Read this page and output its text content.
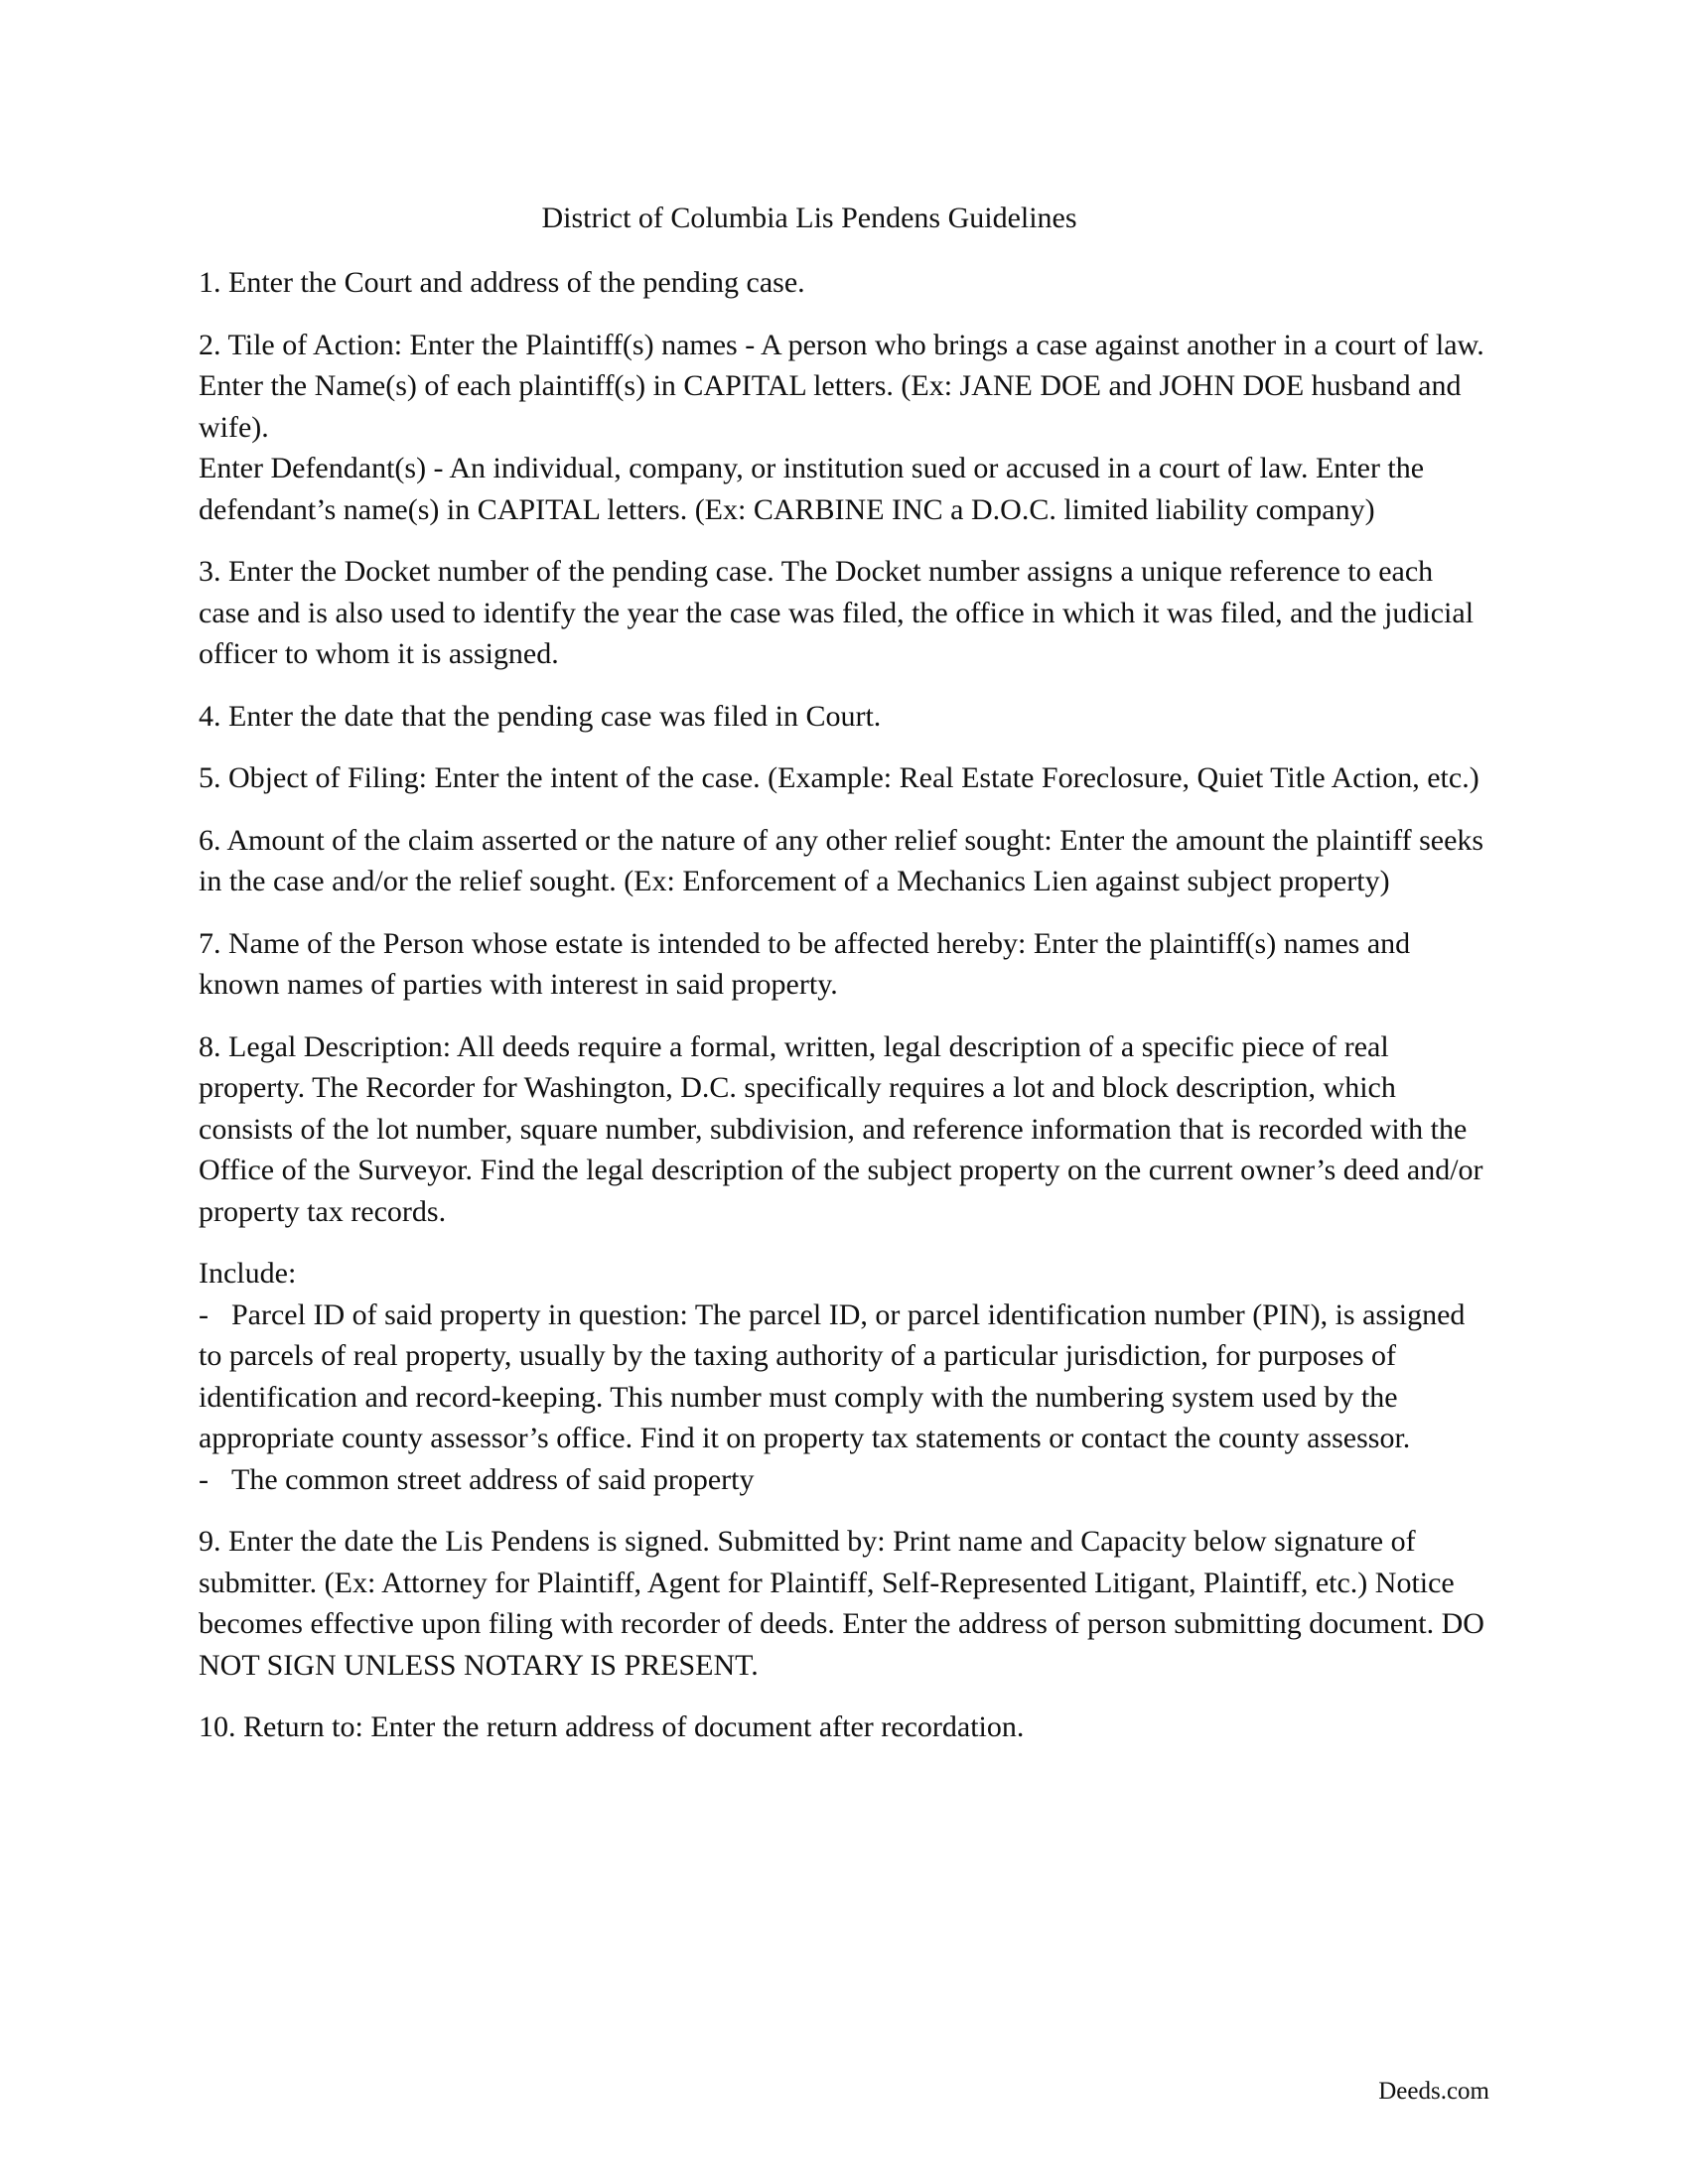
District of Columbia Lis Pendens Guidelines

1. Enter the Court and address of the pending case.

2. Tile of Action: Enter the Plaintiff(s) names - A person who brings a case against another in a court of law. Enter the Name(s) of each plaintiff(s) in CAPITAL letters. (Ex: JANE DOE and JOHN DOE husband and wife).

Enter Defendant(s) - An individual, company, or institution sued or accused in a court of law. Enter the defendant’s name(s) in CAPITAL letters. (Ex: CARBINE INC a D.O.C. limited liability company)

3. Enter the Docket number of the pending case. The Docket number assigns a unique reference to each case and is also used to identify the year the case was filed, the office in which it was filed, and the judicial officer to whom it is assigned.

4. Enter the date that the pending case was filed in Court.

5. Object of Filing: Enter the intent of the case. (Example: Real Estate Foreclosure, Quiet Title Action, etc.)

6. Amount of the claim asserted or the nature of any other relief sought: Enter the amount the plaintiff seeks in the case and/or the relief sought. (Ex: Enforcement of a Mechanics Lien against subject property)

7. Name of the Person whose estate is intended to be affected hereby: Enter the plaintiff(s) names and known names of parties with interest in said property.

8. Legal Description: All deeds require a formal, written, legal description of a specific piece of real property. The Recorder for Washington, D.C. specifically requires a lot and block description, which consists of the lot number, square number, subdivision, and reference information that is recorded with the Office of the Surveyor. Find the legal description of the subject property on the current owner’s deed and/or property tax records.

Include:

- Parcel ID of said property in question: The parcel ID, or parcel identification number (PIN), is assigned to parcels of real property, usually by the taxing authority of a particular jurisdiction, for purposes of identification and record-keeping. This number must comply with the numbering system used by the appropriate county assessor’s office. Find it on property tax statements or contact the county assessor.

- The common street address of said property

9. Enter the date the Lis Pendens is signed. Submitted by: Print name and Capacity below signature of submitter. (Ex: Attorney for Plaintiff, Agent for Plaintiff, Self-Represented Litigant, Plaintiff, etc.) Notice becomes effective upon filing with recorder of deeds. Enter the address of person submitting document. DO NOT SIGN UNLESS NOTARY IS PRESENT.

10. Return to: Enter the return address of document after recordation.

Deeds.com
